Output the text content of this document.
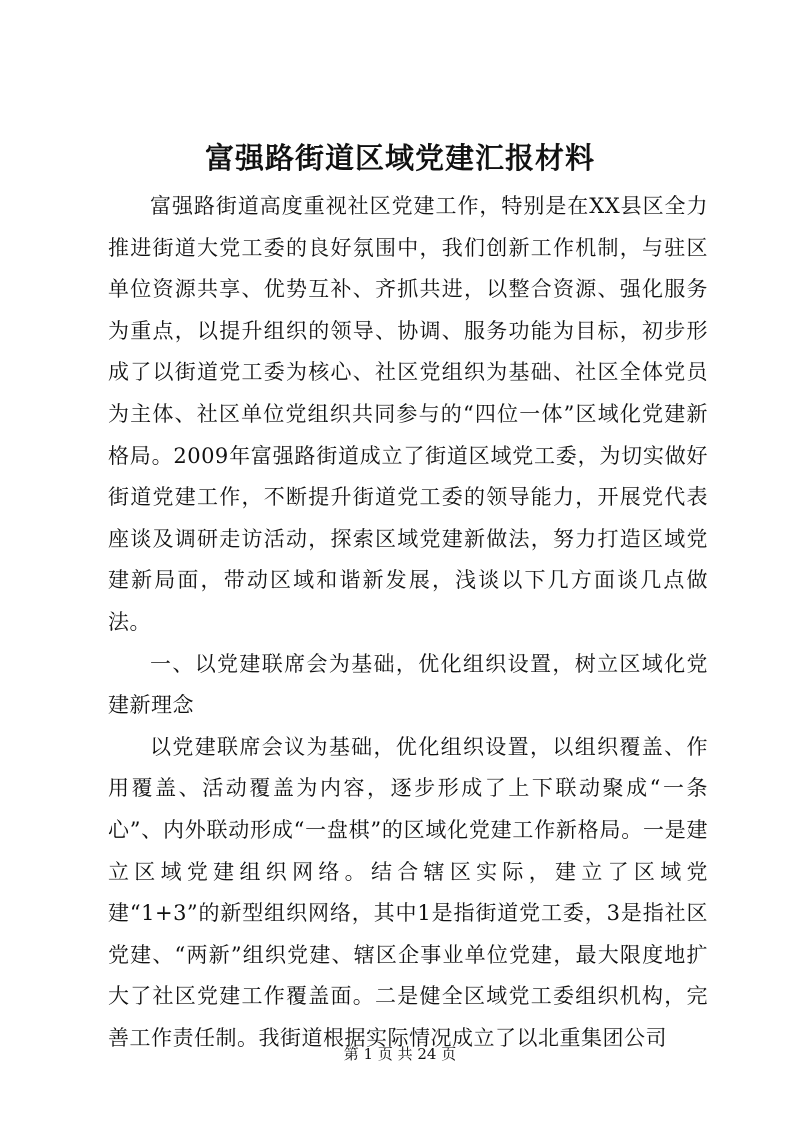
富强路街道区域党建汇报材料

富强路街道高度重视社区党建工作，特别是在XX县区全力推进街道大党工委的良好氛围中，我们创新工作机制，与驻区单位资源共享、优势互补、齐抓共进，以整合资源、强化服务为重点，以提升组织的领导、协调、服务功能为目标，初步形成了以街道党工委为核心、社区党组织为基础、社区全体党员为主体、社区单位党组织共同参与的“四位一体”区域化党建新格局。2009年富强路街道成立了街道区域党工委，为切实做好街道党建工作，不断提升街道党工委的领导能力，开展党代表座谈及调研走访活动，探索区域党建新做法，努力打造区域党建新局面，带动区域和谐新发展，浅谈以下几方面谈几点做法。

一、以党建联席会为基础，优化组织设置，树立区域化党建新理念

以党建联席会议为基础，优化组织设置，以组织覆盖、作用覆盖、活动覆盖为内容，逐步形成了上下联动聚成“一条心”、内外联动形成“一盘棋”的区域化党建工作新格局。一是建立区域党建组织网络。结合辖区实际，建立了区域党建“1+3”的新型组织网络，其中1是指街道党工委，3是指社区党建、“两新”组织党建、辖区企事业单位党建，最大限度地扩大了社区党建工作覆盖面。二是健全区域党工委组织机构，完善工作责任制。我街道根据实际情况成立了以北重集团公司

第 1 页 共 24 页
